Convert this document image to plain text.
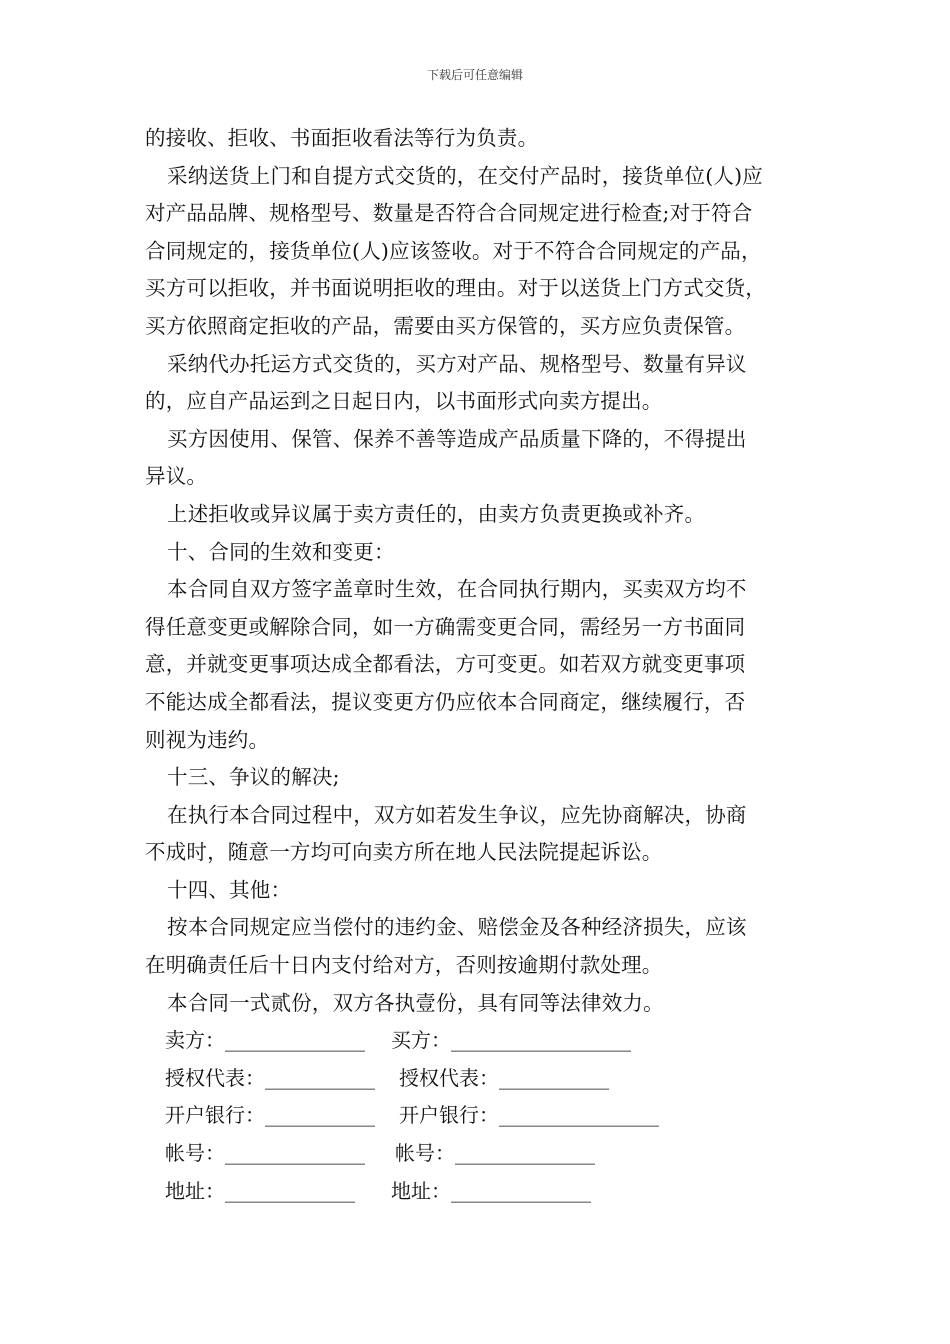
下载后可任意编辑
的接收、拒收、书面拒收看法等行为负责。
采纳送货上门和自提方式交货的，在交付产品时，接货单位(人)应
对产品品牌、规格型号、数量是否符合合同规定进行检查;对于符合
合同规定的，接货单位(人)应该签收。对于不符合合同规定的产品，
买方可以拒收，并书面说明拒收的理由。对于以送货上门方式交货，
买方依照商定拒收的产品，需要由买方保管的，买方应负责保管。
采纳代办托运方式交货的，买方对产品、规格型号、数量有异议
的，应自产品运到之日起日内，以书面形式向卖方提出。
买方因使用、保管、保养不善等造成产品质量下降的，不得提出
异议。
上述拒收或异议属于卖方责任的，由卖方负责更换或补齐。
十、合同的生效和变更：
本合同自双方签字盖章时生效，在合同执行期内，买卖双方均不
得任意变更或解除合同，如一方确需变更合同，需经另一方书面同
意，并就变更事项达成全都看法，方可变更。如若双方就变更事项
不能达成全都看法，提议变更方仍应依本合同商定，继续履行，否
则视为违约。
十三、争议的解决;
在执行本合同过程中，双方如若发生争议，应先协商解决，协商
不成时，随意一方均可向卖方所在地人民法院提起诉讼。
十四、其他：
按本合同规定应当偿付的违约金、赔偿金及各种经济损失，应该
在明确责任后十日内支付给对方，否则按逾期付款处理。
本合同一式贰份，双方各执壹份，具有同等法律效力。
卖方：______________ 买方：__________________
授权代表：___________ 授权代表：___________
开户银行：___________ 开户银行：________________
帐号：______________ 帐号：______________
地址：_____________ 地址：______________
